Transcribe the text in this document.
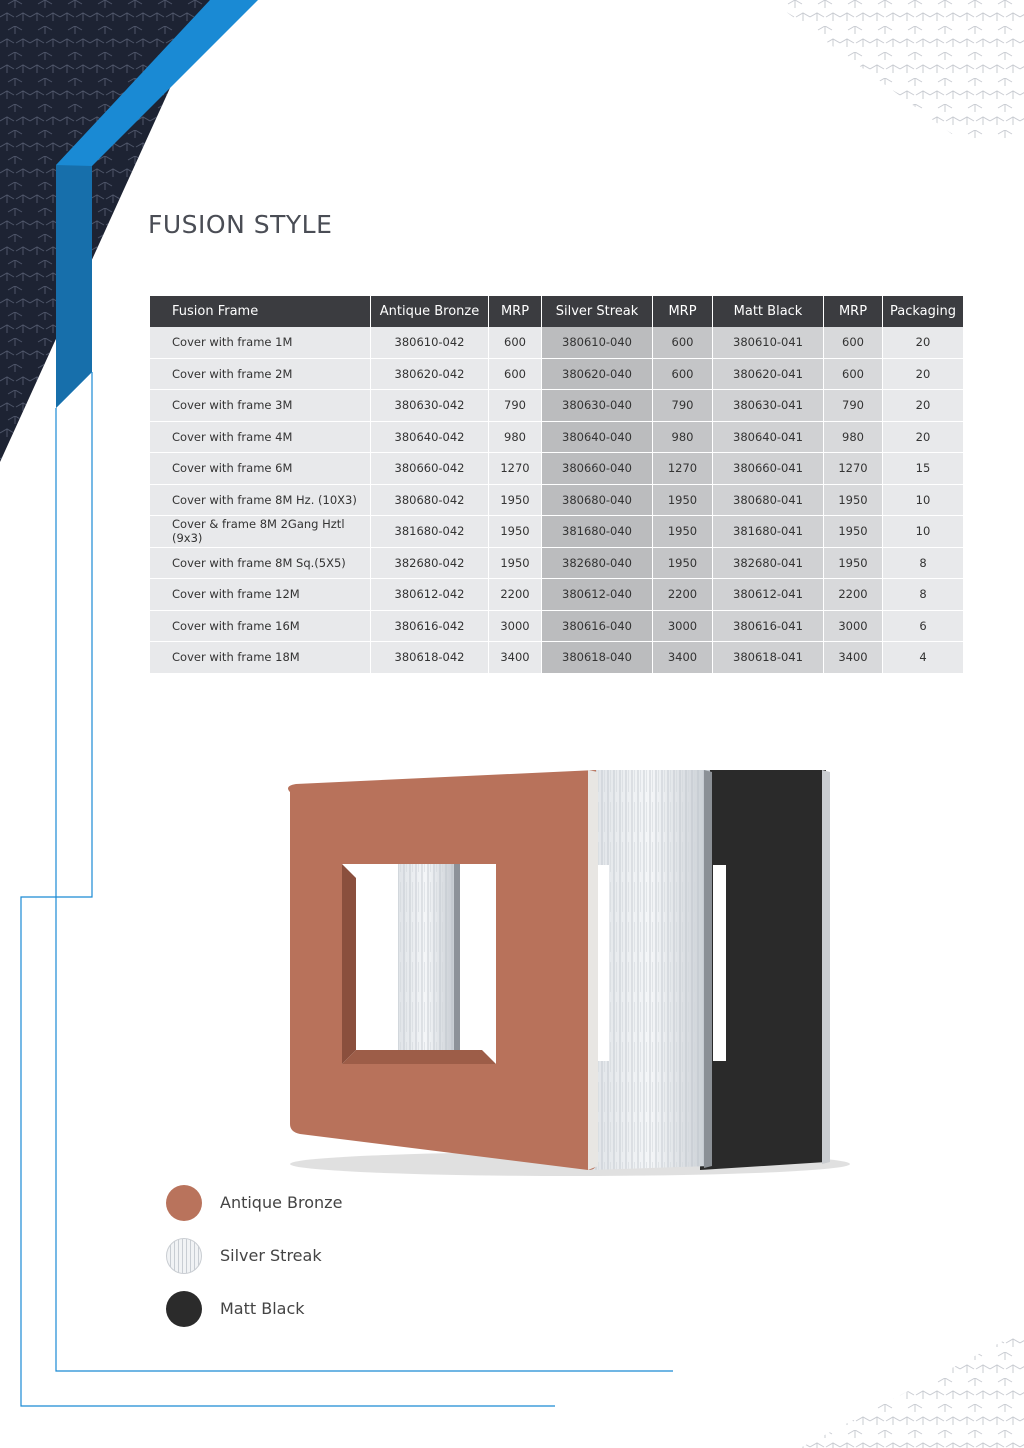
FUSION STYLE
Fusion Frame	Antique Bronze	MRP	Silver Streak	MRP	Matt Black	MRP	Packaging
Cover with frame 1M	380610-042	600	380610-040	600	380610-041	600	20
Cover with frame 2M	380620-042	600	380620-040	600	380620-041	600	20
Cover with frame 3M	380630-042	790	380630-040	790	380630-041	790	20
Cover with frame 4M	380640-042	980	380640-040	980	380640-041	980	20
Cover with frame 6M	380660-042	1270	380660-040	1270	380660-041	1270	15
Cover with frame 8M Hz. (10X3)	380680-042	1950	380680-040	1950	380680-041	1950	10
Cover & frame 8M 2Gang Hztl (9x3)	381680-042	1950	381680-040	1950	381680-041	1950	10
Cover with frame 8M Sq.(5X5)	382680-042	1950	382680-040	1950	382680-041	1950	8
Cover with frame 12M	380612-042	2200	380612-040	2200	380612-041	2200	8
Cover with frame 16M	380616-042	3000	380616-040	3000	380616-041	3000	6
Cover with frame 18M	380618-042	3400	380618-040	3400	380618-041	3400	4
Antique Bronze
Silver Streak
Matt Black
